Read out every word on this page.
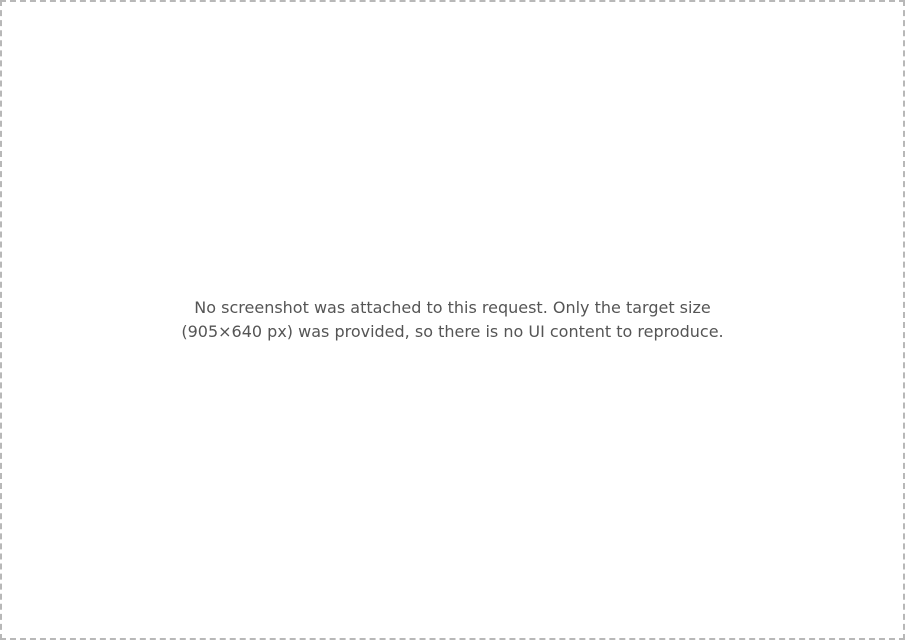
No screenshot was attached to this request. Only the target size (905×640 px) was provided, so there is no UI content to reproduce.
